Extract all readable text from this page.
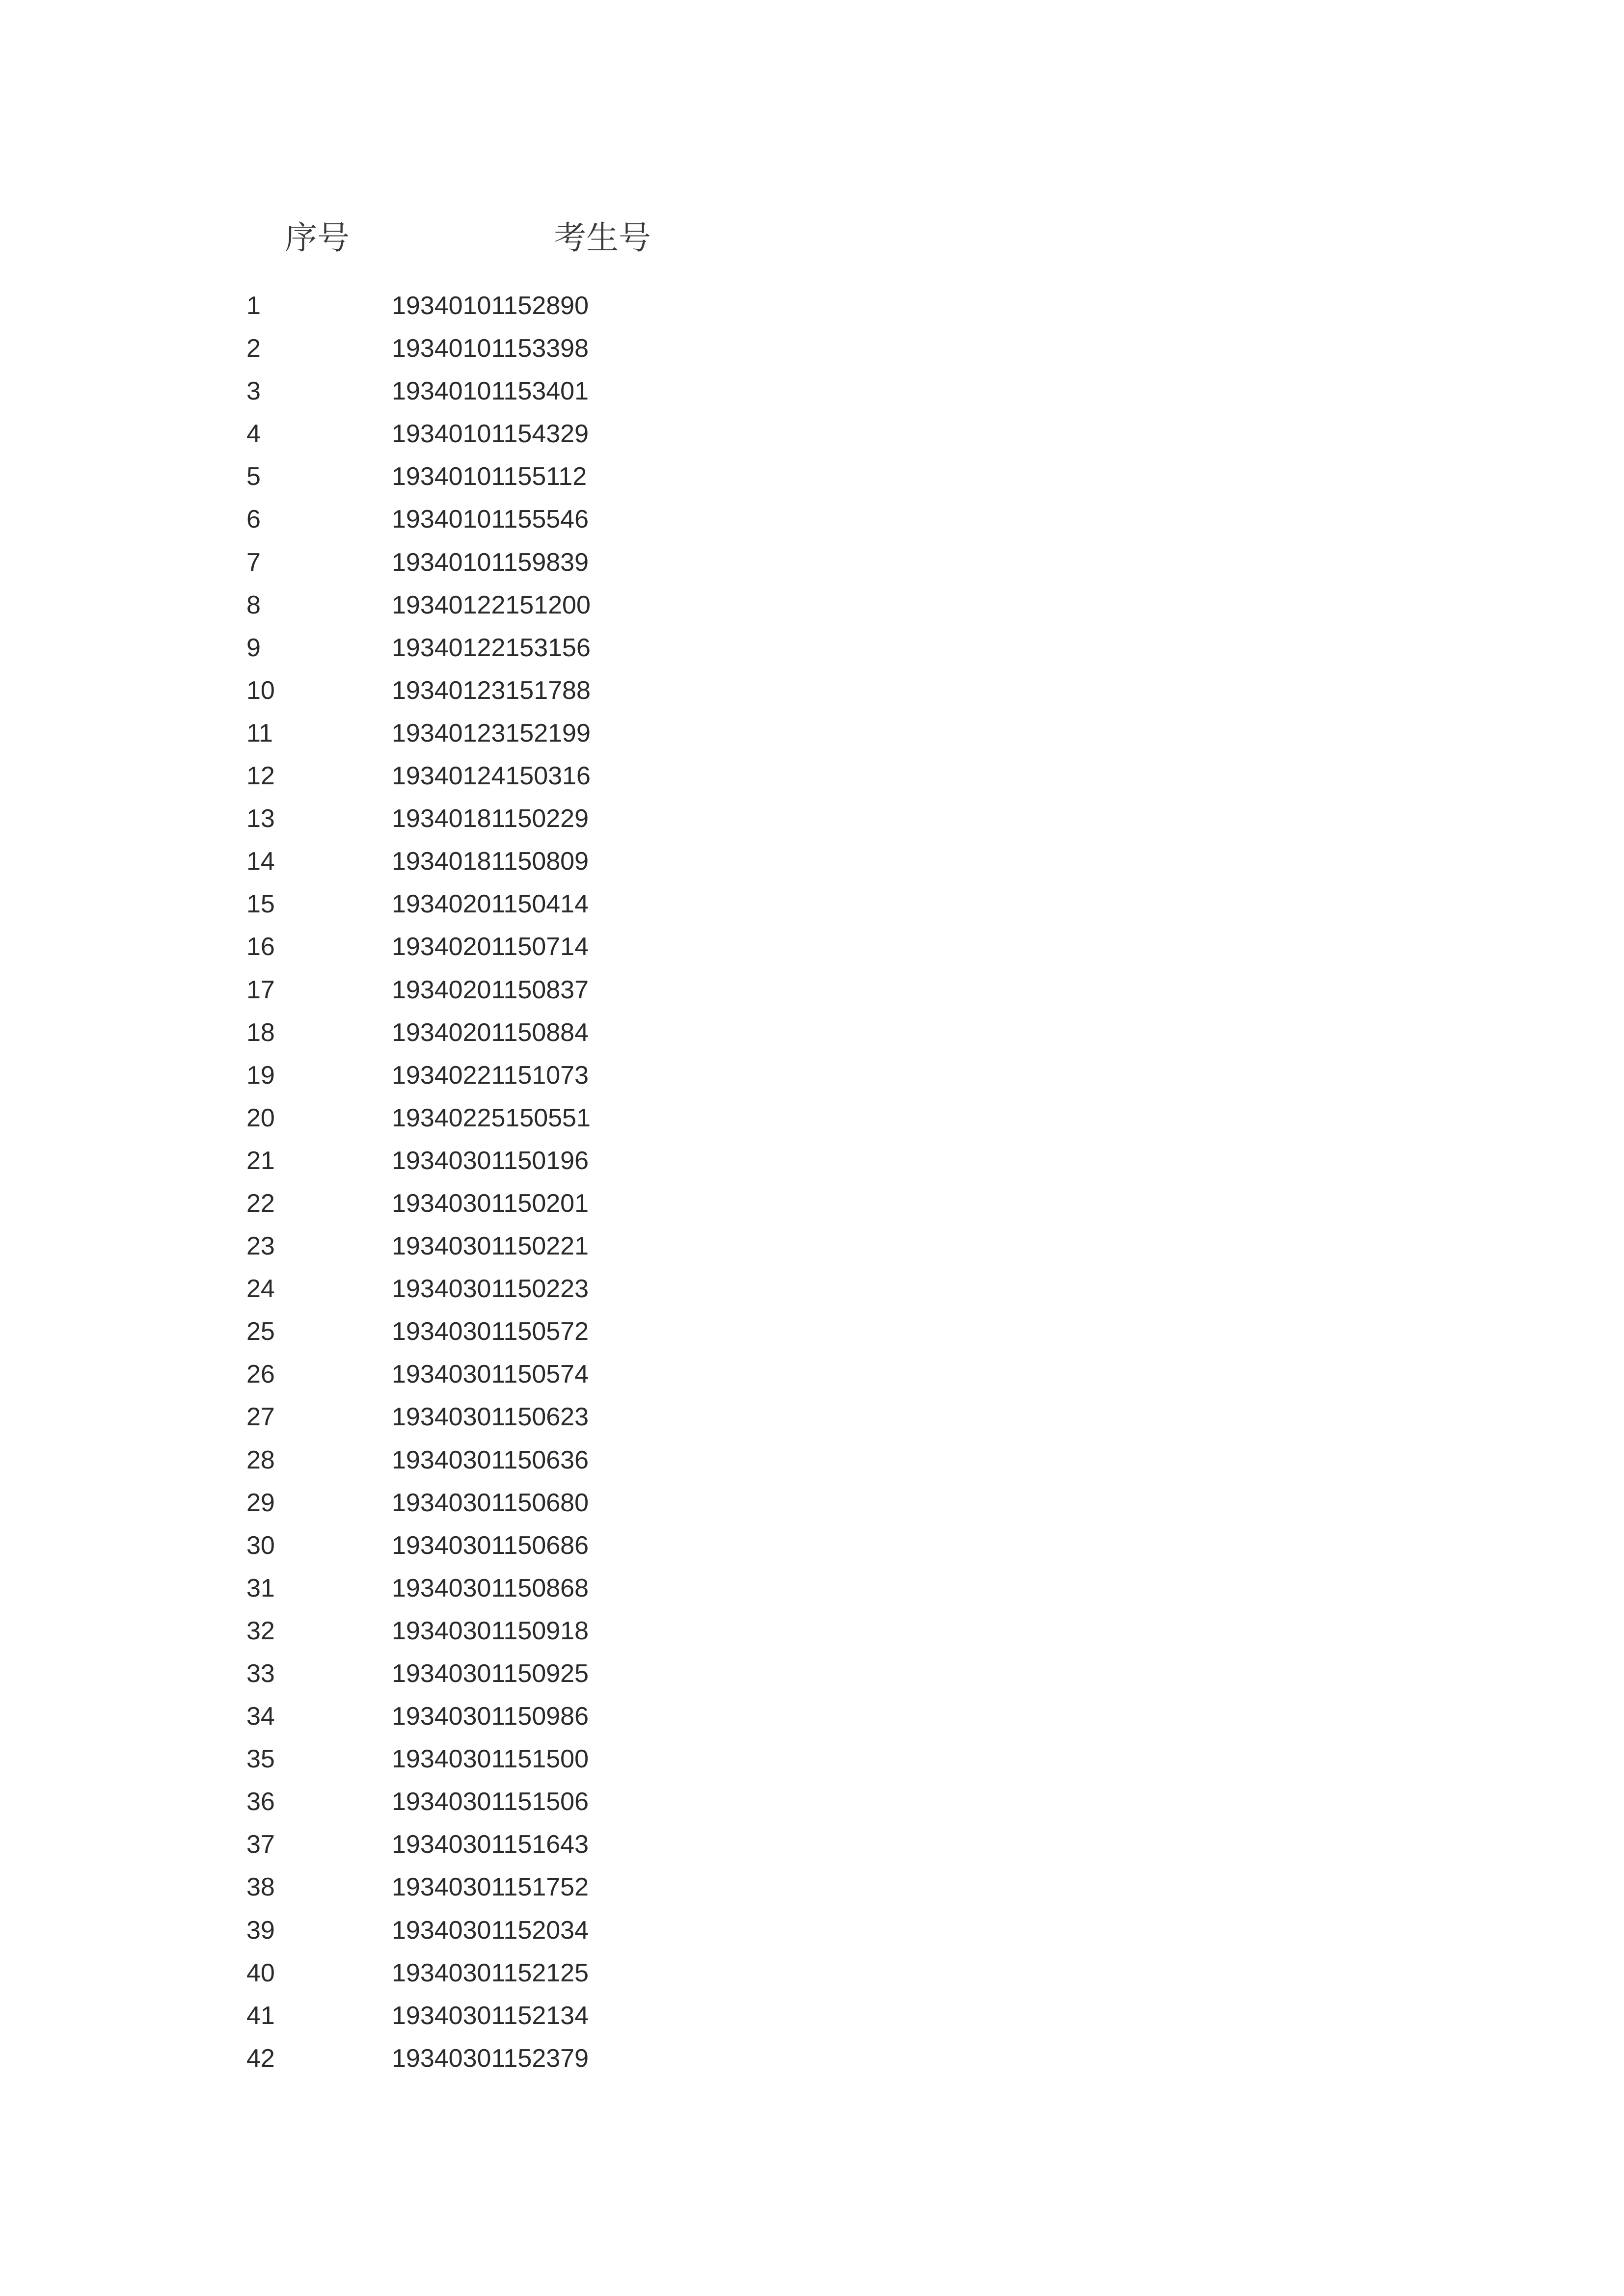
序号	考生号
1	19340101152890
2	19340101153398
3	19340101153401
4	19340101154329
5	19340101155112
6	19340101155546
7	19340101159839
8	19340122151200
9	19340122153156
10	19340123151788
11	19340123152199
12	19340124150316
13	19340181150229
14	19340181150809
15	19340201150414
16	19340201150714
17	19340201150837
18	19340201150884
19	19340221151073
20	19340225150551
21	19340301150196
22	19340301150201
23	19340301150221
24	19340301150223
25	19340301150572
26	19340301150574
27	19340301150623
28	19340301150636
29	19340301150680
30	19340301150686
31	19340301150868
32	19340301150918
33	19340301150925
34	19340301150986
35	19340301151500
36	19340301151506
37	19340301151643
38	19340301151752
39	19340301152034
40	19340301152125
41	19340301152134
42	19340301152379
